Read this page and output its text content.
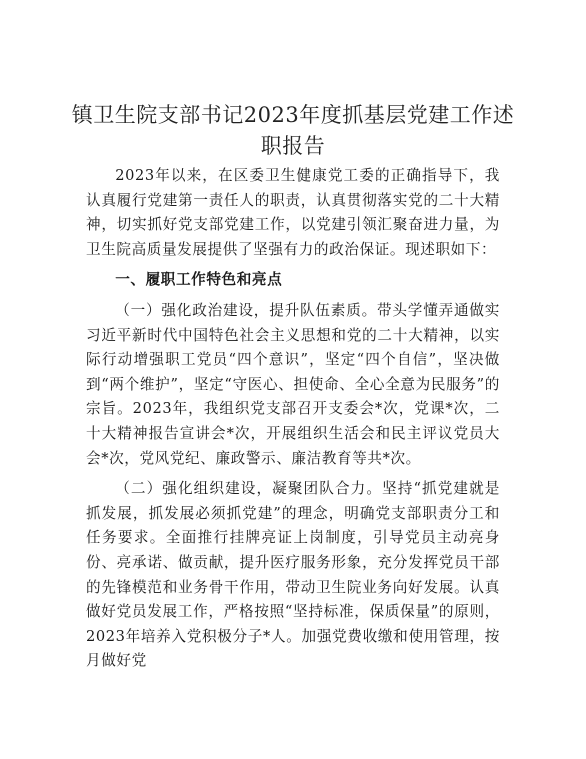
镇卫生院支部书记2023年度抓基层党建工作述
职报告

2023年以来，在区委卫生健康党工委的正确指导下，我认真履行党建第一责任人的职责，认真贯彻落实党的二十大精神，切实抓好党支部党建工作，以党建引领汇聚奋进力量，为卫生院高质量发展提供了坚强有力的政治保证。现述职如下：

一、履职工作特色和亮点

（一）强化政治建设，提升队伍素质。带头学懂弄通做实习近平新时代中国特色社会主义思想和党的二十大精神，以实际行动增强职工党员“四个意识”，坚定“四个自信”，坚决做到“两个维护”，坚定“守医心、担使命、全心全意为民服务”的宗旨。2023年，我组织党支部召开支委会*次，党课*次，二十大精神报告宣讲会*次，开展组织生活会和民主评议党员大会*次，党风党纪、廉政警示、廉洁教育等共*次。

（二）强化组织建设，凝聚团队合力。坚持“抓党建就是抓发展，抓发展必须抓党建”的理念，明确党支部职责分工和任务要求。全面推行挂牌亮证上岗制度，引导党员主动亮身份、亮承诺、做贡献，提升医疗服务形象，充分发挥党员干部的先锋模范和业务骨干作用，带动卫生院业务向好发展。认真做好党员发展工作，严格按照“坚持标准，保质保量”的原则，2023年培养入党积极分子*人。加强党费收缴和使用管理，按月做好党
